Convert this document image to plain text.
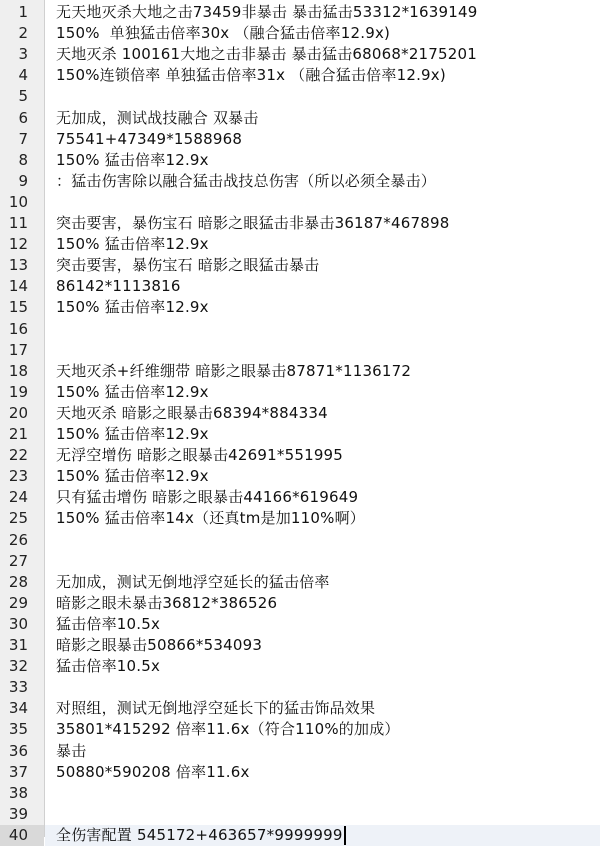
1 无天地灭杀大地之击73459非暴击 暴击猛击53312*1639149
2 150%  单独猛击倍率30x （融合猛击倍率12.9x)
3 天地灭杀 100161大地之击非暴击 暴击猛击68068*2175201
4 150%连锁倍率 单独猛击倍率31x （融合猛击倍率12.9x)
5
6 无加成，测试战技融合 双暴击
7 75541+47349*1588968
8 150% 猛击倍率12.9x
9 ：猛击伤害除以融合猛击战技总伤害（所以必须全暴击）
10
11 突击要害，暴伤宝石 暗影之眼猛击非暴击36187*467898
12 150% 猛击倍率12.9x
13 突击要害，暴伤宝石 暗影之眼猛击暴击
14 86142*1113816
15 150% 猛击倍率12.9x
16
17
18 天地灭杀+纤维绷带 暗影之眼暴击87871*1136172
19 150% 猛击倍率12.9x
20 天地灭杀 暗影之眼暴击68394*884334
21 150% 猛击倍率12.9x
22 无浮空增伤 暗影之眼暴击42691*551995
23 150% 猛击倍率12.9x
24 只有猛击增伤 暗影之眼暴击44166*619649
25 150% 猛击倍率14x（还真tm是加110%啊）
26
27
28 无加成，测试无倒地浮空延长的猛击倍率
29 暗影之眼未暴击36812*386526
30 猛击倍率10.5x
31 暗影之眼暴击50866*534093
32 猛击倍率10.5x
33
34 对照组，测试无倒地浮空延长下的猛击饰品效果
35 35801*415292 倍率11.6x（符合110%的加成）
36 暴击
37 50880*590208 倍率11.6x
38
39
40 全伤害配置 545172+463657*9999999
